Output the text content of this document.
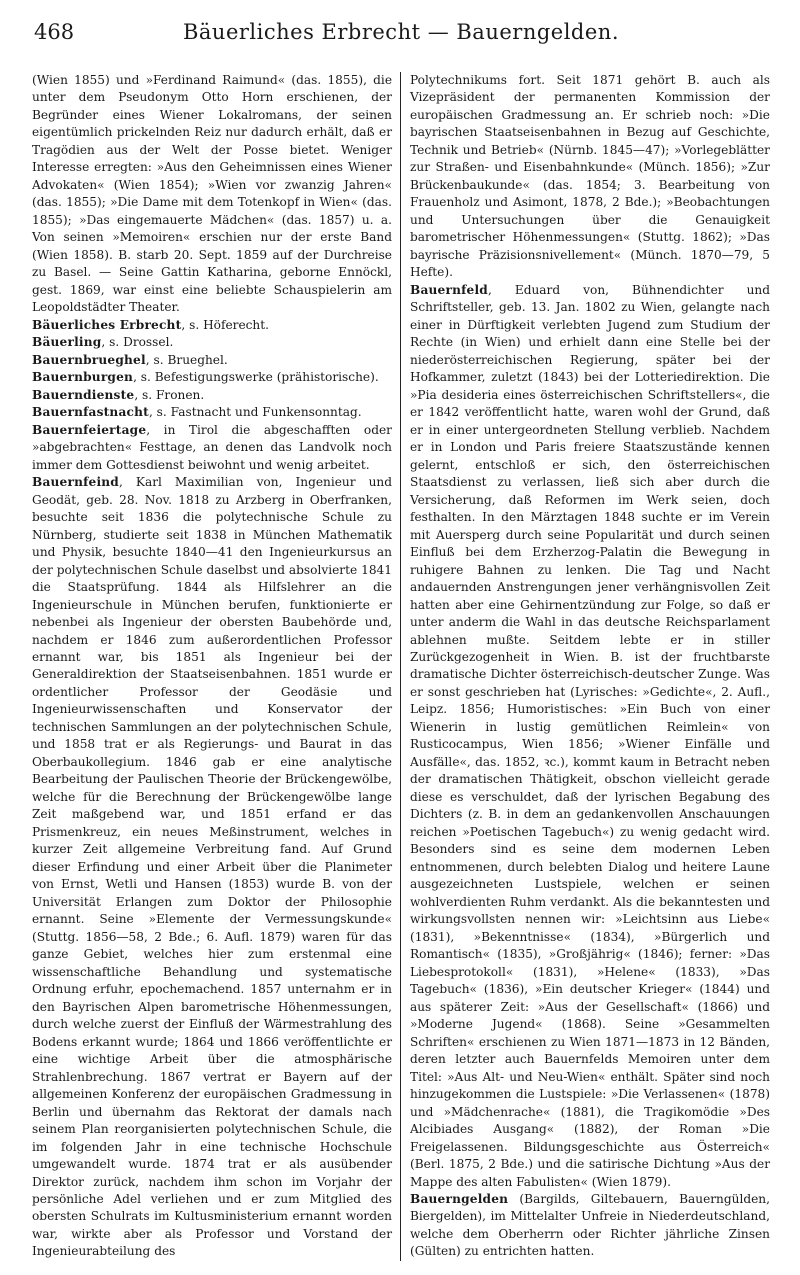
468	Bäuerliches Erbrecht — Bauerngelden.

(Wien 1855) und »Ferdinand Raimund« (das. 1855), die unter dem Pseudonym Otto Horn erschienen, der Begründer eines Wiener Lokalromans, der seinen eigentümlich prickelnden Reiz nur dadurch erhält, daß er Tragödien aus der Welt der Posse bietet. Weniger Interesse erregten: »Aus den Geheimnissen eines Wiener Advokaten« (Wien 1854); »Wien vor zwanzig Jahren« (das. 1855); »Die Dame mit dem Totenkopf in Wien« (das. 1855); »Das eingemauerte Mädchen« (das. 1857) u. a. Von seinen »Memoiren« erschien nur der erste Band (Wien 1858). B. starb 20. Sept. 1859 auf der Durchreise zu Basel. — Seine Gattin Katharina, geborne Ennöckl, gest. 1869, war einst eine beliebte Schauspielerin am Leopoldstädter Theater.

Bäuerliches Erbrecht, s. Höferecht.

Bäuerling, s. Drossel.

Bauernbrueghel, s. Brueghel.

Bauernburgen, s. Befestigungswerke (prähistorische).

Bauerndienste, s. Fronen.

Bauernfastnacht, s. Fastnacht und Funkensonntag.

Bauernfeiertage, in Tirol die abgeschafften oder »abgebrachten« Festtage, an denen das Landvolk noch immer dem Gottesdienst beiwohnt und wenig arbeitet.

Bauernfeind, Karl Maximilian von, Ingenieur und Geodät, geb. 28. Nov. 1818 zu Arzberg in Oberfranken, besuchte seit 1836 die polytechnische Schule zu Nürnberg, studierte seit 1838 in München Mathematik und Physik, besuchte 1840—41 den Ingenieurkursus an der polytechnischen Schule daselbst und absolvierte 1841 die Staatsprüfung. 1844 als Hilfslehrer an die Ingenieurschule in München berufen, funktionierte er nebenbei als Ingenieur der obersten Baubehörde und, nachdem er 1846 zum außerordentlichen Professor ernannt war, bis 1851 als Ingenieur bei der Generaldirektion der Staatseisenbahnen. 1851 wurde er ordentlicher Professor der Geodäsie und Ingenieurwissenschaften und Konservator der technischen Sammlungen an der polytechnischen Schule, und 1858 trat er als Regierungs- und Baurat in das Oberbaukollegium. 1846 gab er eine analytische Bearbeitung der Paulischen Theorie der Brückengewölbe, welche für die Berechnung der Brückengewölbe lange Zeit maßgebend war, und 1851 erfand er das Prismenkreuz, ein neues Meßinstrument, welches in kurzer Zeit allgemeine Verbreitung fand. Auf Grund dieser Erfindung und einer Arbeit über die Planimeter von Ernst, Wetli und Hansen (1853) wurde B. von der Universität Erlangen zum Doktor der Philosophie ernannt. Seine »Elemente der Vermessungskunde« (Stuttg. 1856—58, 2 Bde.; 6. Aufl. 1879) waren für das ganze Gebiet, welches hier zum erstenmal eine wissenschaftliche Behandlung und systematische Ordnung erfuhr, epochemachend. 1857 unternahm er in den Bayrischen Alpen barometrische Höhenmessungen, durch welche zuerst der Einfluß der Wärmestrahlung des Bodens erkannt wurde; 1864 und 1866 veröffentlichte er eine wichtige Arbeit über die atmosphärische Strahlenbrechung. 1867 vertrat er Bayern auf der allgemeinen Konferenz der europäischen Gradmessung in Berlin und übernahm das Rektorat der damals nach seinem Plan reorganisierten polytechnischen Schule, die im folgenden Jahr in eine technische Hochschule umgewandelt wurde. 1874 trat er als ausübender Direktor zurück, nachdem ihm schon im Vorjahr der persönliche Adel verliehen und er zum Mitglied des obersten Schulrats im Kultusministerium ernannt worden war, wirkte aber als Professor und Vorstand der Ingenieurabteilung des

Polytechnikums fort. Seit 1871 gehört B. auch als Vizepräsident der permanenten Kommission der europäischen Gradmessung an. Er schrieb noch: »Die bayrischen Staatseisenbahnen in Bezug auf Geschichte, Technik und Betrieb« (Nürnb. 1845—47); »Vorlegeblätter zur Straßen- und Eisenbahnkunde« (Münch. 1856); »Zur Brückenbaukunde« (das. 1854; 3. Bearbeitung von Frauenholz und Asimont, 1878, 2 Bde.); »Beobachtungen und Untersuchungen über die Genauigkeit barometrischer Höhenmessungen« (Stuttg. 1862); »Das bayrische Präzisionsnivellement« (Münch. 1870—79, 5 Hefte).

Bauernfeld, Eduard von, Bühnendichter und Schriftsteller, geb. 13. Jan. 1802 zu Wien, gelangte nach einer in Dürftigkeit verlebten Jugend zum Studium der Rechte (in Wien) und erhielt dann eine Stelle bei der niederösterreichischen Regierung, später bei der Hofkammer, zuletzt (1843) bei der Lotteriedirektion. Die »Pia desideria eines österreichischen Schriftstellers«, die er 1842 veröffentlicht hatte, waren wohl der Grund, daß er in einer untergeordneten Stellung verblieb. Nachdem er in London und Paris freiere Staatszustände kennen gelernt, entschloß er sich, den österreichischen Staatsdienst zu verlassen, ließ sich aber durch die Versicherung, daß Reformen im Werk seien, doch festhalten. In den Märztagen 1848 suchte er im Verein mit Auersperg durch seine Popularität und durch seinen Einfluß bei dem Erzherzog-Palatin die Bewegung in ruhigere Bahnen zu lenken. Die Tag und Nacht andauernden Anstrengungen jener verhängnisvollen Zeit hatten aber eine Gehirnentzündung zur Folge, so daß er unter anderm die Wahl in das deutsche Reichsparlament ablehnen mußte. Seitdem lebte er in stiller Zurückgezogenheit in Wien. B. ist der fruchtbarste dramatische Dichter österreichisch-deutscher Zunge. Was er sonst geschrieben hat (Lyrisches: »Gedichte«, 2. Aufl., Leipz. 1856; Humoristisches: »Ein Buch von einer Wienerin in lustig gemütlichen Reimlein« von Rusticocampus, Wien 1856; »Wiener Einfälle und Ausfälle«, das. 1852, ꝛc.), kommt kaum in Betracht neben der dramatischen Thätigkeit, obschon vielleicht gerade diese es verschuldet, daß der lyrischen Begabung des Dichters (z. B. in dem an gedankenvollen Anschauungen reichen »Poetischen Tagebuch«) zu wenig gedacht wird. Besonders sind es seine dem modernen Leben entnommenen, durch belebten Dialog und heitere Laune ausgezeichneten Lustspiele, welchen er seinen wohlverdienten Ruhm verdankt. Als die bekanntesten und wirkungsvollsten nennen wir: »Leichtsinn aus Liebe« (1831), »Bekenntnisse« (1834), »Bürgerlich und Romantisch« (1835), »Großjährig« (1846); ferner: »Das Liebesprotokoll« (1831), »Helene« (1833), »Das Tagebuch« (1836), »Ein deutscher Krieger« (1844) und aus späterer Zeit: »Aus der Gesellschaft« (1866) und »Moderne Jugend« (1868). Seine »Gesammelten Schriften« erschienen zu Wien 1871—1873 in 12 Bänden, deren letzter auch Bauernfelds Memoiren unter dem Titel: »Aus Alt- und Neu-Wien« enthält. Später sind noch hinzugekommen die Lustspiele: »Die Verlassenen« (1878) und »Mädchenrache« (1881), die Tragikomödie »Des Alcibiades Ausgang« (1882), der Roman »Die Freigelassenen. Bildungsgeschichte aus Österreich« (Berl. 1875, 2 Bde.) und die satirische Dichtung »Aus der Mappe des alten Fabulisten« (Wien 1879).

Bauerngelden (Bargilds, Giltebauern, Bauerngülden, Biergelden), im Mittelalter Unfreie in Niederdeutschland, welche dem Oberherrn oder Richter jährliche Zinsen (Gülten) zu entrichten hatten.
